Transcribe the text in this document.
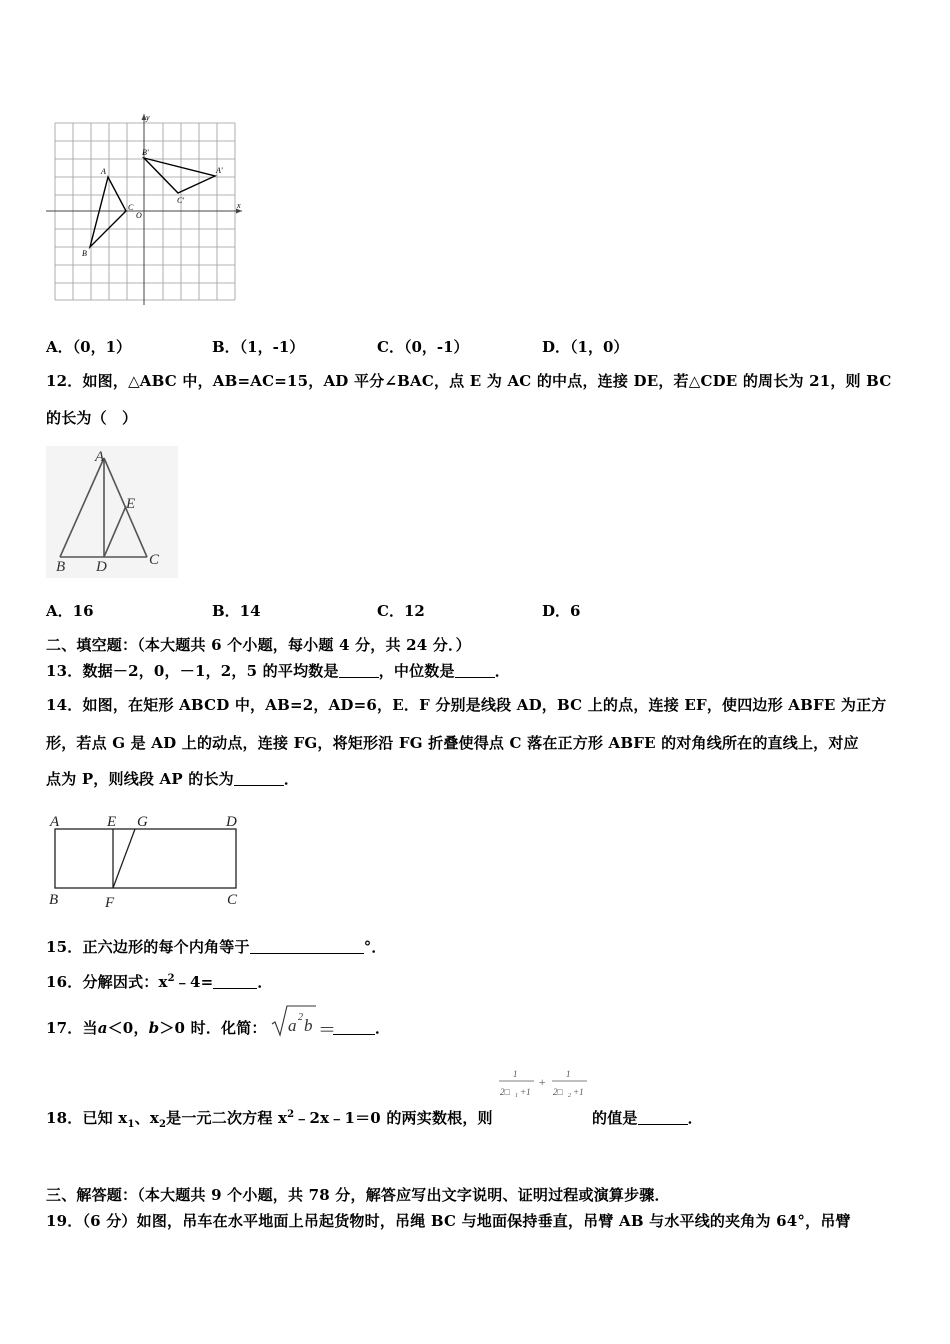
y
x
O
A
B
C
A'
B'
C'
A．（0，1）	B．（1，-1）	C．（0，-1）	D．（1，0）
12．如图，△ABC 中，AB=AC=15，AD 平分∠BAC，点 E 为 AC 的中点，连接 DE，若△CDE 的周长为 21，则 BC
的长为（　）
A
B	C
D
E
A．16	B．14	C．12	D．6
二、填空题：（本大题共 6 个小题，每小题 4 分，共 24 分．）
13．数据－2，0，－1，2，5 的平均数是	，中位数是	．
14．如图，在矩形 ABCD 中，AB=2，AD=6，E．F 分别是线段 AD，BC 上的点，连接 EF，使四边形 ABFE 为正方
形，若点 G 是 AD 上的动点，连接 FG，将矩形沿 FG 折叠使得点 C 落在正方形 ABFE 的对角线所在的直线上，对应
点为 P，则线段 AP 的长为	．
A	E G	D
B	F	C
15．正六边形的每个内角等于	°．
16．分解因式：$x^2﹣4=$	．
17．当a＜0，b＞0 时．化简： a 2 b ＝	．
1
2□ 1 +1
+
1
2□ 2 +1
18．已知 $x_1$、$x_2$是一元二次方程 $x^2﹣2x﹣1=0$ 的两实数根，则	的值是	．
三、解答题：（本大题共 9 个小题，共 78 分，解答应写出文字说明、证明过程或演算步骤．
19．（6 分）如图，吊车在水平地面上吊起货物时，吊绳 BC 与地面保持垂直，吊臂 AB 与水平线的夹角为 64°，吊臂
